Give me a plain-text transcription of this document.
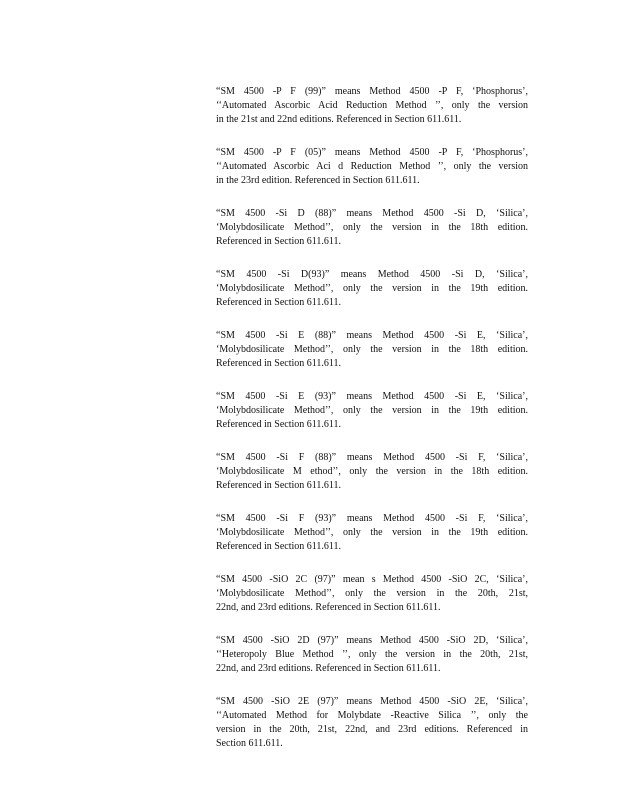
“SM 4500 -P F (99)” means Method 4500 -P F, ‘Phosphorus’,
‘‘Automated Ascorbic Acid Reduction Method ’’, only the version
in the 21st and 22nd editions. Referenced in Section 611.611.

“SM 4500 -P F (05)” means Method 4500 -P F, ‘Phosphorus’,
‘‘Automated Ascorbic Aci d Reduction Method ’’, only the version
in the 23rd edition. Referenced in Section 611.611.

“SM 4500 -Si D (88)” means Method 4500 -Si D, ‘Silica’,
‘Molybdosilicate Method’’, only the version in the 18th edition.
Referenced in Section 611.611.

“SM 4500 -Si D(93)” means Method 4500 -Si D, ‘Silica’,
‘Molybdosilicate Method’’, only the version in the 19th edition.
Referenced in Section 611.611.

“SM 4500 -Si E (88)” means Method 4500 -Si E, ‘Silica’,
‘Molybdosilicate Method’’, only the version in the 18th edition.
Referenced in Section 611.611.

“SM 4500 -Si E (93)” means Method 4500 -Si E, ‘Silica’,
‘Molybdosilicate Method’’, only the version in the 19th edition.
Referenced in Section 611.611.

“SM 4500 -Si F (88)” means Method 4500 -Si F, ‘Silica’,
‘Molybdosilicate M ethod’’, only the version in the 18th edition.
Referenced in Section 611.611.

“SM 4500 -Si F (93)” means Method 4500 -Si F, ‘Silica’,
‘Molybdosilicate Method’’, only the version in the 19th edition.
Referenced in Section 611.611.

“SM 4500 -SiO 2C (97)” mean s Method 4500 -SiO 2C, ‘Silica’,
‘Molybdosilicate Method’’, only the version in the 20th, 21st,
22nd, and 23rd editions. Referenced in Section 611.611.

“SM 4500 -SiO 2D (97)” means Method 4500 -SiO 2D, ‘Silica’,
‘‘Heteropoly Blue Method ’’, only the version in the 20th, 21st,
22nd, and 23rd editions. Referenced in Section 611.611.

“SM 4500 -SiO 2E (97)” means Method 4500 -SiO 2E, ‘Silica’,
‘‘Automated Method for Molybdate -Reactive Silica ’’, only the
version in the 20th, 21st, 22nd, and 23rd editions. Referenced in
Section 611.611.
